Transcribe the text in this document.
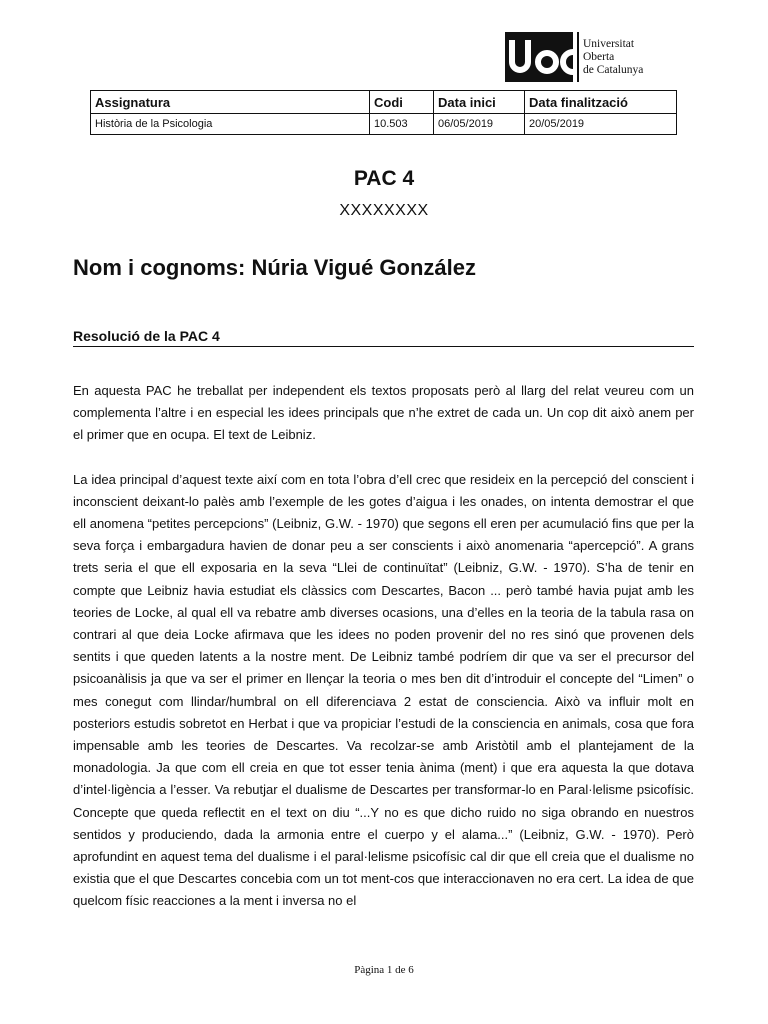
Universitat
Oberta
de Catalunya
Assignatura	Codi	Data inici	Data finalització
Història de la Psicologia	10.503	06/05/2019	20/05/2019
PAC 4
XXXXXXXX
Nom i cognoms: Núria Vigué González
Resolució de la PAC 4

En aquesta PAC he treballat per independent els textos proposats però al llarg del relat veureu com un complementa l’altre i en especial les idees principals que n’he extret de cada un. Un cop dit això anem per el primer que en ocupa. El text de Leibniz.

La idea principal d’aquest texte així com en tota l’obra d’ell crec que resideix en la percepció del conscient i inconscient deixant-lo palès amb l’exemple de les gotes d’aigua i les onades, on intenta demostrar el que ell anomena “petites percepcions” (Leibniz, G.W. - 1970) que segons ell eren per acumulació fins que per la seva força i embargadura havien de donar peu a ser conscients i això anomenaria “apercepció”. A grans trets seria el que ell exposaria en la seva “Llei de continuïtat” (Leibniz, G.W. - 1970). S’ha de tenir en compte que Leibniz havia estudiat els clàssics com Descartes, Bacon ... però també havia pujat amb les teories de Locke, al qual ell va rebatre amb diverses ocasions, una d’elles en la teoria de la tabula rasa on contrari al que deia Locke afirmava que les idees no poden provenir del no res sinó que provenen dels sentits i que queden latents a la nostre ment. De Leibniz també podríem dir que va ser el precursor del psicoanàlisis ja que va ser el primer en llençar la teoria o mes ben dit d’introduir el concepte del “Limen” o mes conegut com llindar/humbral on ell diferenciava 2 estat de consciencia. Això va influir molt en posteriors estudis sobretot en Herbat i que va propiciar l’estudi de la consciencia en animals, cosa que fora impensable amb les teories de Descartes. Va recolzar-se amb Aristòtil amb el plantejament de la monadologia. Ja que com ell creia en que tot esser tenia ànima (ment) i que era aquesta la que dotava d’intel·ligència a l’esser. Va rebutjar el dualisme de Descartes per transformar-lo en Paral·lelisme psicofísic. Concepte que queda reflectit en el text on diu “...Y no es que dicho ruido no siga obrando en nuestros sentidos y produciendo, dada la armonia entre el cuerpo y el alama...” (Leibniz, G.W. - 1970). Però aprofundint en aquest tema del dualisme i el paral·lelisme psicofísic cal dir que ell creia que el dualisme no existia que el que Descartes concebia com un tot ment-cos que interaccionaven no era cert. La idea de que quelcom físic reacciones a la ment i inversa no el

Pàgina 1 de 6
